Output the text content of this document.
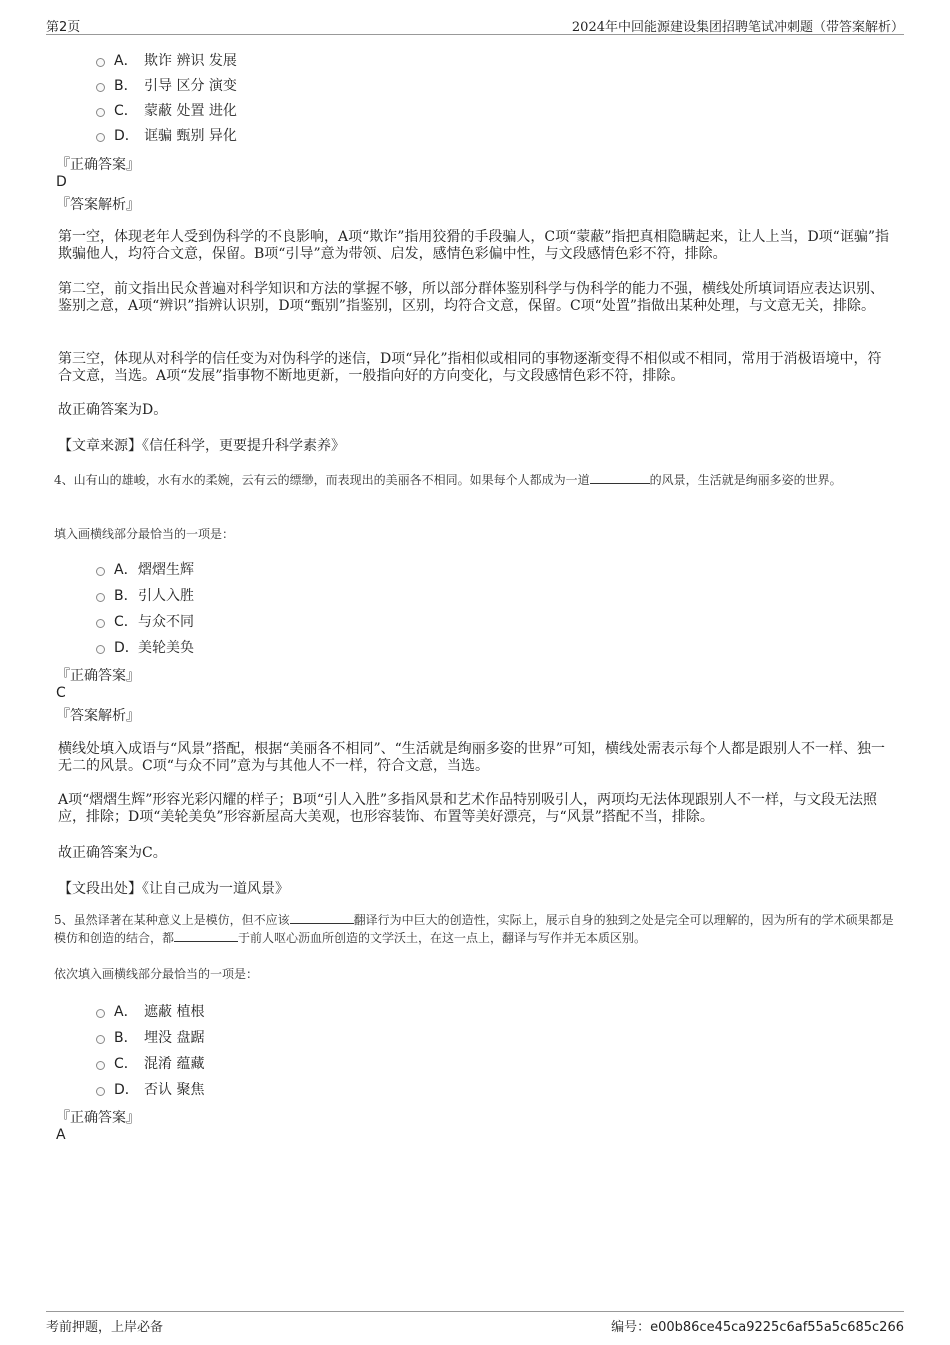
第2页	2024年中回能源建设集团招聘笔试冲刺题（带答案解析）
A． 欺诈 辨识 发展
B． 引导 区分 演变
C． 蒙蔽 处置 进化
D． 诓骗 甄别 异化
『正确答案』
D
『答案解析』
第一空，体现老年人受到伪科学的不良影响，A项“欺诈”指用狡猾的手段骗人，C项“蒙蔽”指把真相隐瞒起来，让人上当，D项“诓骗”指欺骗他人，均符合文意，保留。B项“引导”意为带领、启发，感情色彩偏中性，与文段感情色彩不符，排除。
第二空，前文指出民众普遍对科学知识和方法的掌握不够，所以部分群体鉴别科学与伪科学的能力不强，横线处所填词语应表达识别、鉴别之意，A项“辨识”指辨认识别，D项“甄别”指鉴别，区别，均符合文意，保留。C项“处置”指做出某种处理，与文意无关，排除。
第三空，体现从对科学的信任变为对伪科学的迷信，D项“异化”指相似或相同的事物逐渐变得不相似或不相同，常用于消极语境中，符合文意，当选。A项“发展”指事物不断地更新，一般指向好的方向变化，与文段感情色彩不符，排除。
故正确答案为D。
【文章来源】《信任科学，更要提升科学素养》
4、山有山的雄峻，水有水的柔婉，云有云的缥缈，而表现出的美丽各不相同。如果每个人都成为一道	的风景，生活就是绚丽多姿的世界。
填入画横线部分最恰当的一项是：
A． 熠熠生辉
B． 引人入胜
C． 与众不同
D． 美轮美奂
『正确答案』
C
『答案解析』
横线处填入成语与“风景”搭配，根据“美丽各不相同”、“生活就是绚丽多姿的世界”可知，横线处需表示每个人都是跟别人不一样、独一无二的风景。C项“与众不同”意为与其他人不一样，符合文意，当选。
A项“熠熠生辉”形容光彩闪耀的样子；B项“引人入胜”多指风景和艺术作品特别吸引人，两项均无法体现跟别人不一样，与文段无法照应，排除；D项“美轮美奂”形容新屋高大美观，也形容装饰、布置等美好漂亮，与“风景”搭配不当，排除。
故正确答案为C。
【文段出处】《让自己成为一道风景》
5、虽然译著在某种意义上是模仿，但不应该	翻译行为中巨大的创造性，实际上，展示自身的独到之处是完全可以理解的，因为所有的学术硕果都是模仿和创造的结合，都	于前人呕心沥血所创造的文学沃土，在这一点上，翻译与写作并无本质区别。
依次填入画横线部分最恰当的一项是：
A． 遮蔽 植根
B． 埋没 盘踞
C． 混淆 蕴藏
D． 否认 聚焦
『正确答案』
A
考前押题，上岸必备	编号：e00b86ce45ca9225c6af55a5c685c266
